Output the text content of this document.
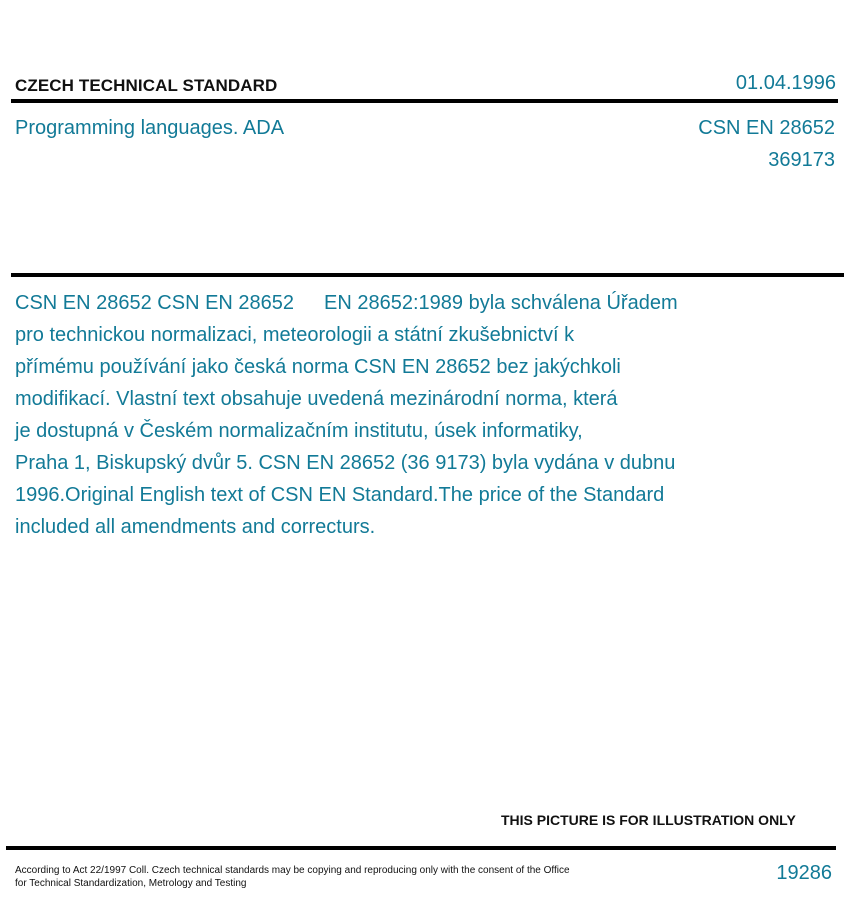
CZECH TECHNICAL STANDARD	01.04.1996
Programming languages. ADA	CSN EN 28652
369173

CSN EN 28652 CSN EN 28652 EN 28652:1989 byla schválena Úřadem

pro technickou normalizaci, meteorologii a státní zkušebnictví k

přímému používání jako česká norma CSN EN 28652 bez jakýchkoli

modifikací. Vlastní text obsahuje uvedená mezinárodní norma, která

je dostupná v Českém normalizačním institutu, úsek informatiky,

Praha 1, Biskupský dvůr 5. CSN EN 28652 (36 9173) byla vydána v dubnu

1996.Original English text of CSN EN Standard.The price of the Standard

included all amendments and correcturs.

THIS PICTURE IS FOR ILLUSTRATION ONLY
According to Act 22/1997 Coll. Czech technical standards may be copying and reproducing only with the consent of the Office
for Technical Standardization, Metrology and Testing	19286
